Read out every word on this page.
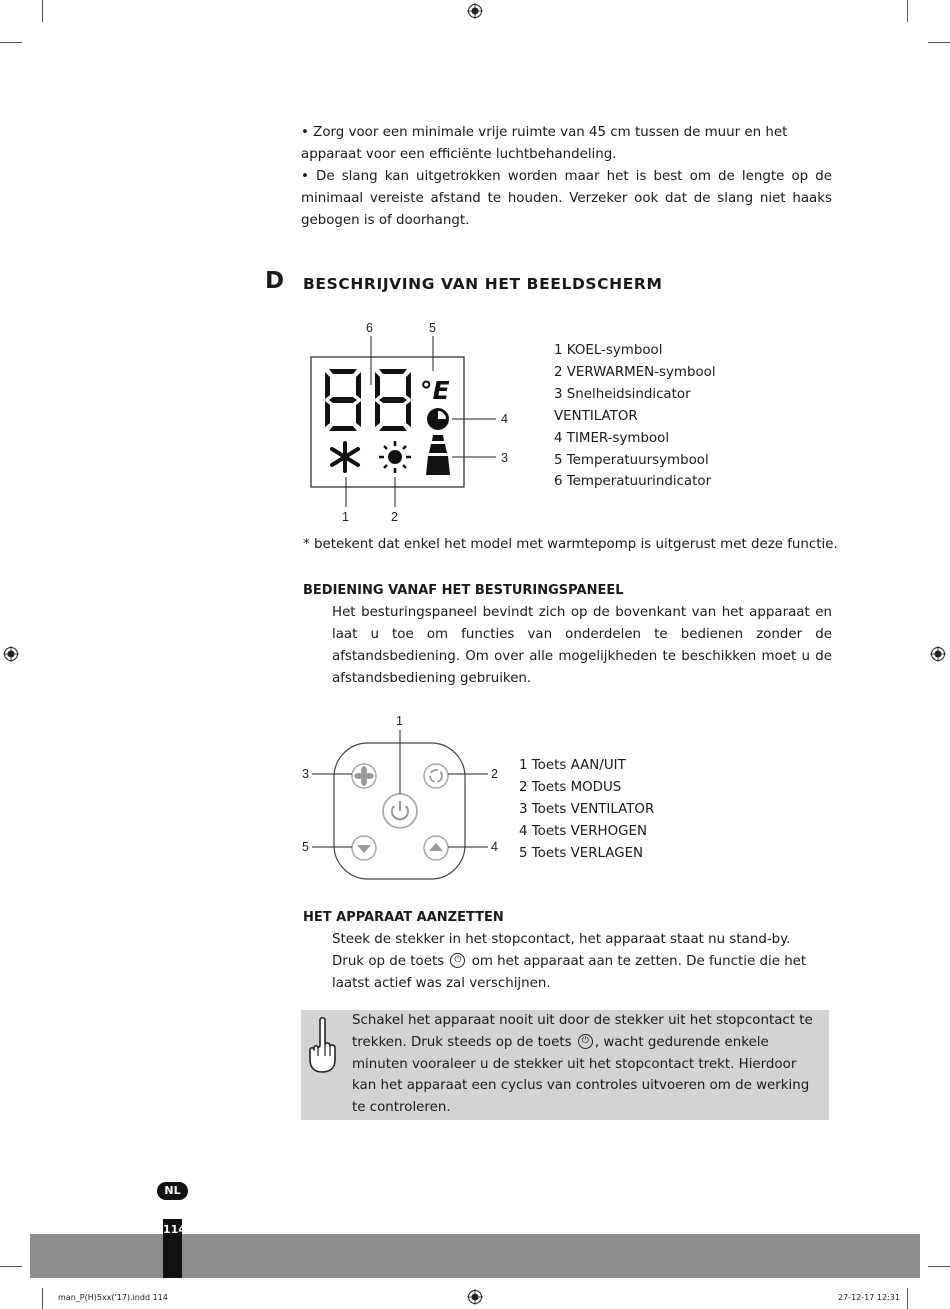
• Zorg voor een minimale vrije ruimte van 45 cm tussen de muur en het apparaat voor een efficiënte luchtbehandeling.
• De slang kan uitgetrokken worden maar het is best om de lengte op de minimaal vereiste afstand te houden. Verzeker ook dat de slang niet haaks gebogen is of doorhangt.
D BESCHRIJVING VAN HET BEELDSCHERM
°E
6	5
4
3
1	2
1 KOEL-symbool
2 VERWARMEN-symbool
3 Snelheidsindicator
VENTILATOR
4 TIMER-symbool
5 Temperatuursymbool
6 Temperatuurindicator
* betekent dat enkel het model met warmtepomp is uitgerust met deze functie.
BEDIENING VANAF HET BESTURINGSPANEEL
Het besturingspaneel bevindt zich op de bovenkant van het apparaat en laat u toe om functies van onderdelen te bedienen zonder de afstandsbediening. Om over alle mogelijkheden te beschikken moet u de afstandsbediening gebruiken.
1
2
3
4
5
1 Toets AAN/UIT
2 Toets MODUS
3 Toets VENTILATOR
4 Toets VERHOGEN
5 Toets VERLAGEN
HET APPARAAT AANZETTEN
Steek de stekker in het stopcontact, het apparaat staat nu stand-by.
Druk op de toets ⏻ om het apparaat aan te zetten. De functie die het laatst actief was zal verschijnen.
Schakel het apparaat nooit uit door de stekker uit het stopcontact te trekken. Druk steeds op de toets ⏻, wacht gedurende enkele minuten vooraleer u de stekker uit het stopcontact trekt. Hierdoor kan het apparaat een cyclus van controles uitvoeren om de werking te controleren.
NL
114
man_P(H)5xx('17).indd 114	27-12-17 12:31
